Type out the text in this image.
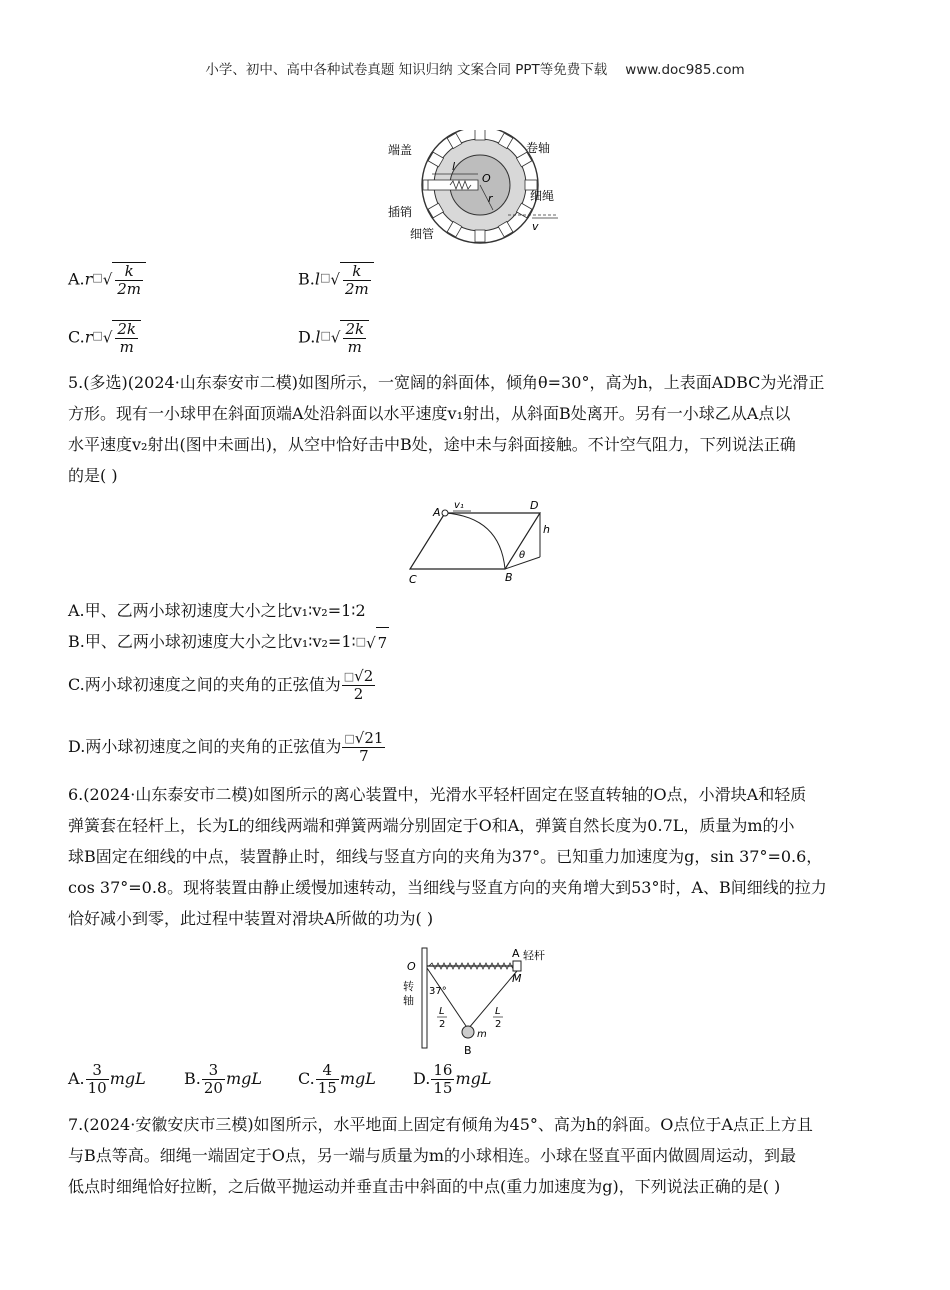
小学、初中、高中各种试卷真题 知识归纳 文案合同 PPT等免费下载 www.doc985.com
l
O
r
端盖	卷轴
插销
细管
细绳
v
A.r□√ $\frac{k}{2m}$	B.l□√ $\frac{k}{2m}$
C.r□√ $\frac{2k}{m}$	D.l□√ $\frac{2k}{m}$
5.(多选)(2024·山东泰安市二模)如图所示，一宽阔的斜面体，倾角θ=30°，高为h，上表面ADBC为光滑正
方形。现有一小球甲在斜面顶端A处沿斜面以水平速度v₁射出，从斜面B处离开。另有一小球乙从A点以
水平速度v₂射出(图中未画出)，从空中恰好击中B处，途中未与斜面接触。不计空气阻力，下列说法正确
的是( )
A
v₁	D
h
θ
C	B
A.甲、乙两小球初速度大小之比v₁∶v₂=1∶2
B.甲、乙两小球初速度大小之比v₁∶v₂=1∶□√ 7
C.两小球初速度之间的夹角的正弦值为 $\frac{□√2}{2}$
D.两小球初速度之间的夹角的正弦值为 $\frac{□√21}{7}$
6.(2024·山东泰安市二模)如图所示的离心装置中，光滑水平轻杆固定在竖直转轴的O点，小滑块A和轻质
弹簧套在轻杆上，长为L的细线两端和弹簧两端分别固定于O和A，弹簧自然长度为0.7L，质量为m的小
球B固定在细线的中点，装置静止时，细线与竖直方向的夹角为37°。已知重力加速度为g，sin 37°=0.6，
cos 37°=0.8。现将装置由静止缓慢加速转动，当细线与竖直方向的夹角增大到53°时，A、B间细线的拉力
恰好减小到零，此过程中装置对滑块A所做的功为( )
A 轻杆
O
M
转
轴
37°
L
2
L
2
m
B
A. $\frac{3}{10}$ mgL B. $\frac{3}{20}$ mgL C. $\frac{4}{15}$ mgL D. $\frac{16}{15}$ mgL
7.(2024·安徽安庆市三模)如图所示，水平地面上固定有倾角为45°、高为h的斜面。O点位于A点正上方且
与B点等高。细绳一端固定于O点，另一端与质量为m的小球相连。小球在竖直平面内做圆周运动，到最
低点时细绳恰好拉断，之后做平抛运动并垂直击中斜面的中点(重力加速度为g)，下列说法正确的是( )
